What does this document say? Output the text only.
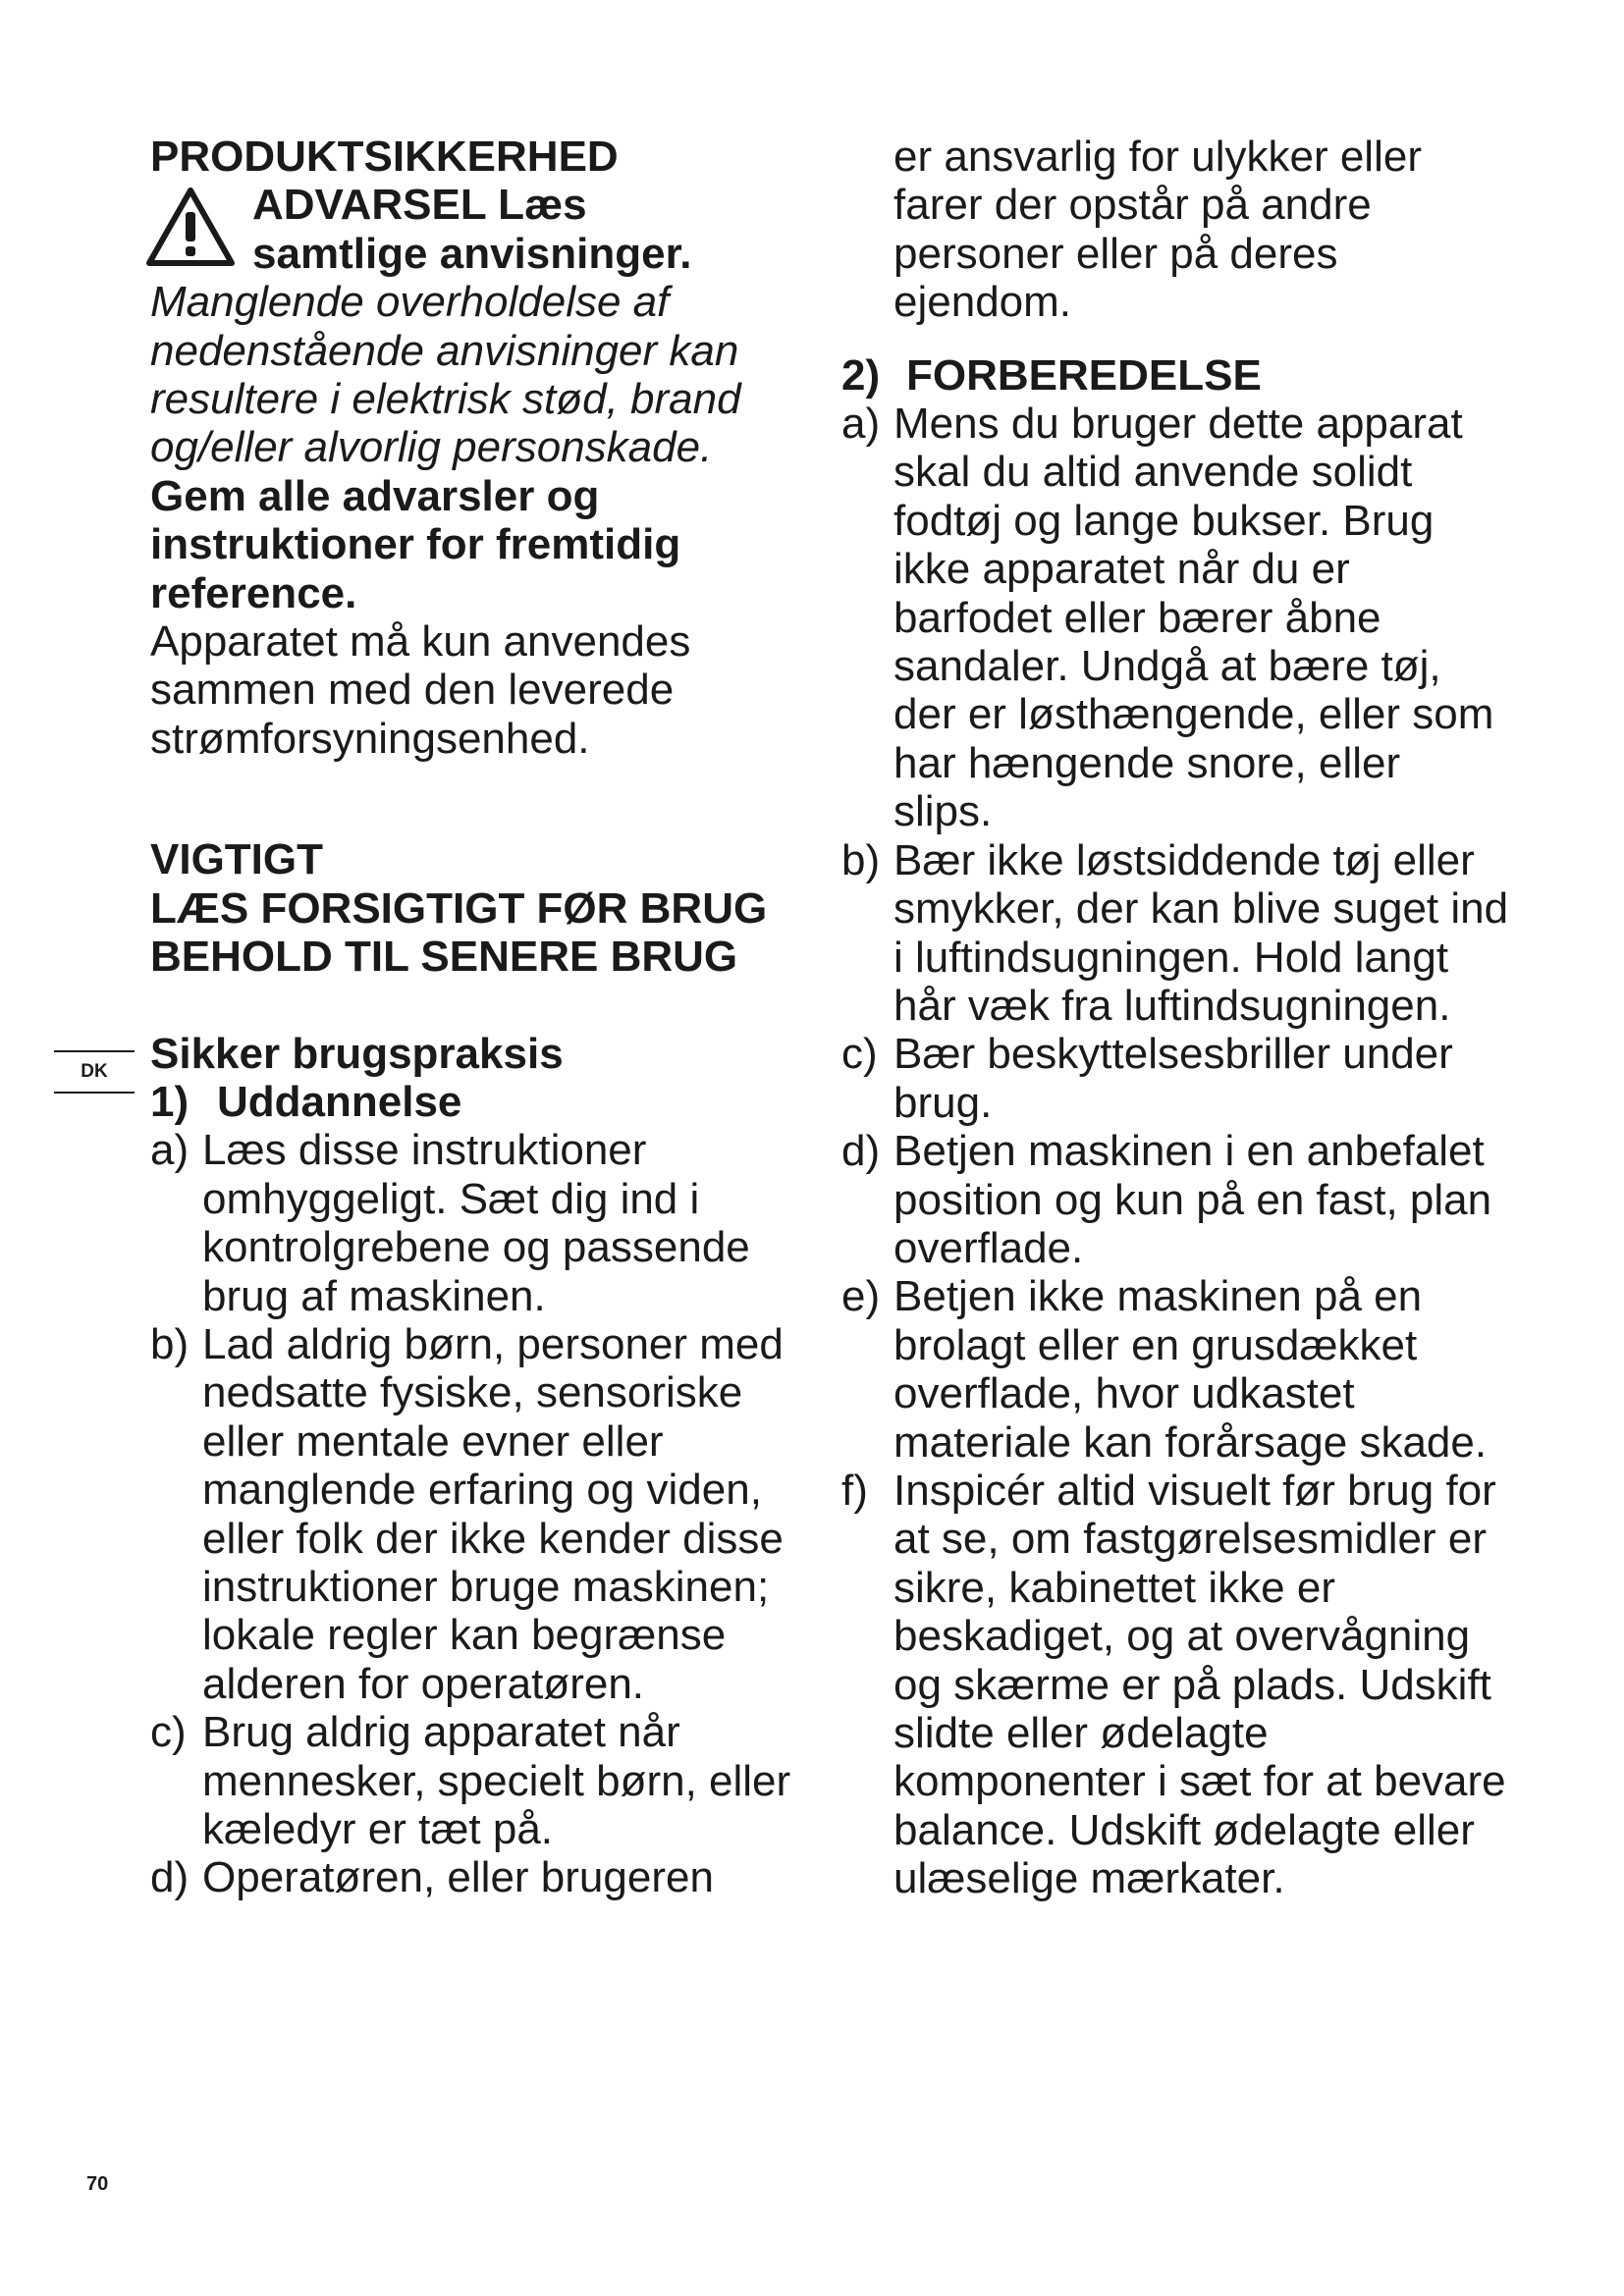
PRODUKTSIKKERHED

ADVARSEL Læs

samtlige anvisninger.

Manglende overholdelse af nedenstående anvisninger kan resultere i elektrisk stød, brand og/eller alvorlig personskade.

Gem alle advarsler og instruktioner for fremtidig reference.

Apparatet må kun anvendes sammen med den leverede strømforsyningsenhed.

VIGTIGT

LÆS FORSIGTIGT FØR BRUG

BEHOLD TIL SENERE BRUG

Sikker brugspraksis

1) Uddannelse

a) Læs disse instruktioner omhyggeligt. Sæt dig ind i kontrolgrebene og passende brug af maskinen.
b) Lad aldrig børn, personer med nedsatte fysiske, sensoriske eller mentale evner eller manglende erfaring og viden, eller folk der ikke kender disse instruktioner bruge maskinen; lokale regler kan begrænse alderen for operatøren.
c) Brug aldrig apparatet når mennesker, specielt børn, eller kæledyr er tæt på.
d) Operatøren, eller brugeren

er ansvarlig for ulykker eller farer der opstår på andre personer eller på deres ejendom.

2) FORBEREDELSE

a) Mens du bruger dette apparat skal du altid anvende solidt fodtøj og lange bukser. Brug ikke apparatet når du er barfodet eller bærer åbne sandaler. Undgå at bære tøj, der er løsthængende, eller som har hængende snore, eller slips.
b) Bær ikke løstsiddende tøj eller smykker, der kan blive suget ind i luftindsugningen. Hold langt hår væk fra luftindsugningen.
c) Bær beskyttelsesbriller under brug.
d) Betjen maskinen i en anbefalet position og kun på en fast, plan overflade.
e) Betjen ikke maskinen på en brolagt eller en grusdækket overflade, hvor udkastet materiale kan forårsage skade.
f) Inspicér altid visuelt før brug for at se, om fastgørelsesmidler er sikre, kabinettet ikke er beskadiget, og at overvågning og skærme er på plads. Udskift slidte eller ødelagte komponenter i sæt for at bevare balance. Udskift ødelagte eller ulæselige mærkater.
DK
70
